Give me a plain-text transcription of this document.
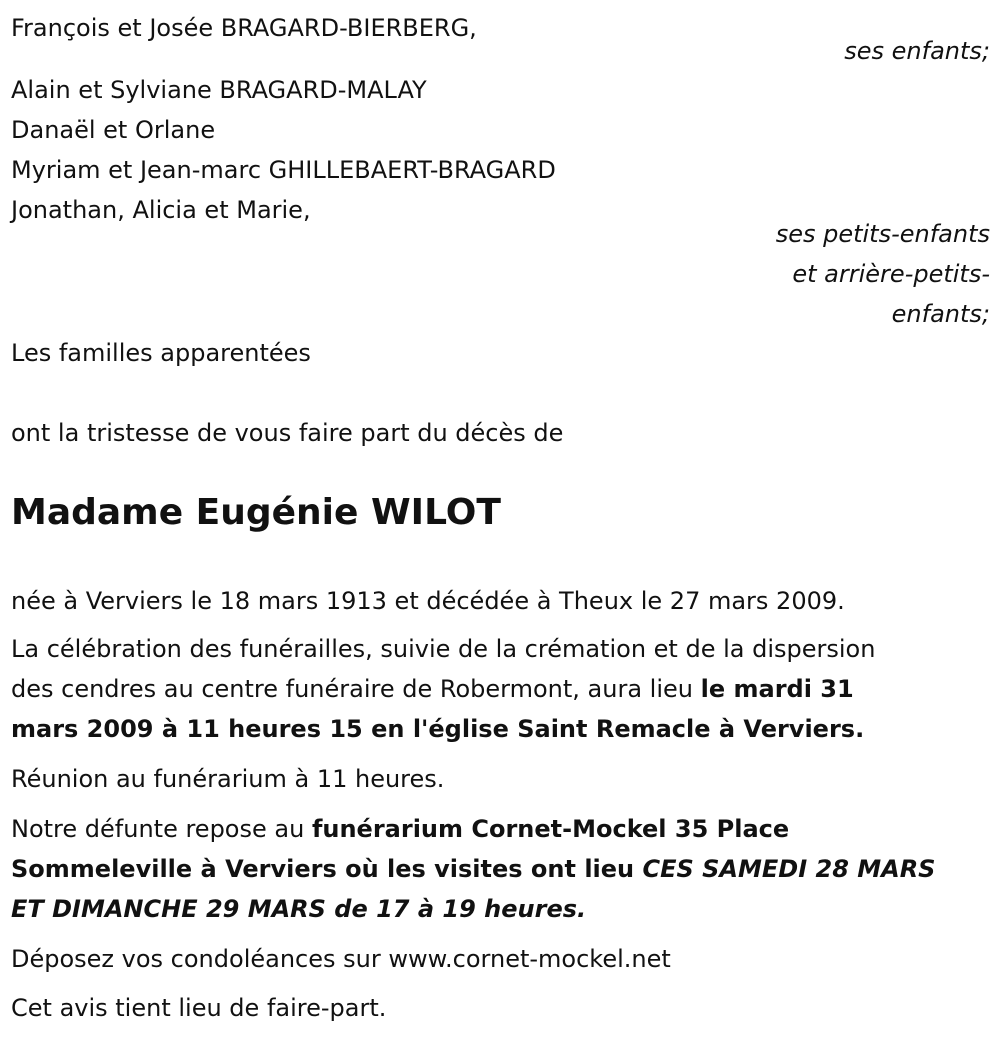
François et Josée BRAGARD-BIERBERG,
ses enfants;
Alain et Sylviane BRAGARD-MALAY
Danaël et Orlane
Myriam et Jean-marc GHILLEBAERT-BRAGARD
Jonathan, Alicia et Marie,
ses petits-enfants
et arrière-petits-
enfants;
Les familles apparentées
ont la tristesse de vous faire part du décès de
Madame Eugénie WILOT
née à Verviers le 18 mars 1913 et décédée à Theux le 27 mars 2009.
La célébration des funérailles, suivie de la crémation et de la dispersion
des cendres au centre funéraire de Robermont, aura lieu le mardi 31
mars 2009 à 11 heures 15 en l'église Saint Remacle à Verviers.
Réunion au funérarium à 11 heures.
Notre défunte repose au funérarium Cornet-Mockel 35 Place
Sommeleville à Verviers où les visites ont lieu CES SAMEDI 28 MARS
ET DIMANCHE 29 MARS de 17 à 19 heures.
Déposez vos condoléances sur www.cornet-mockel.net
Cet avis tient lieu de faire-part.
